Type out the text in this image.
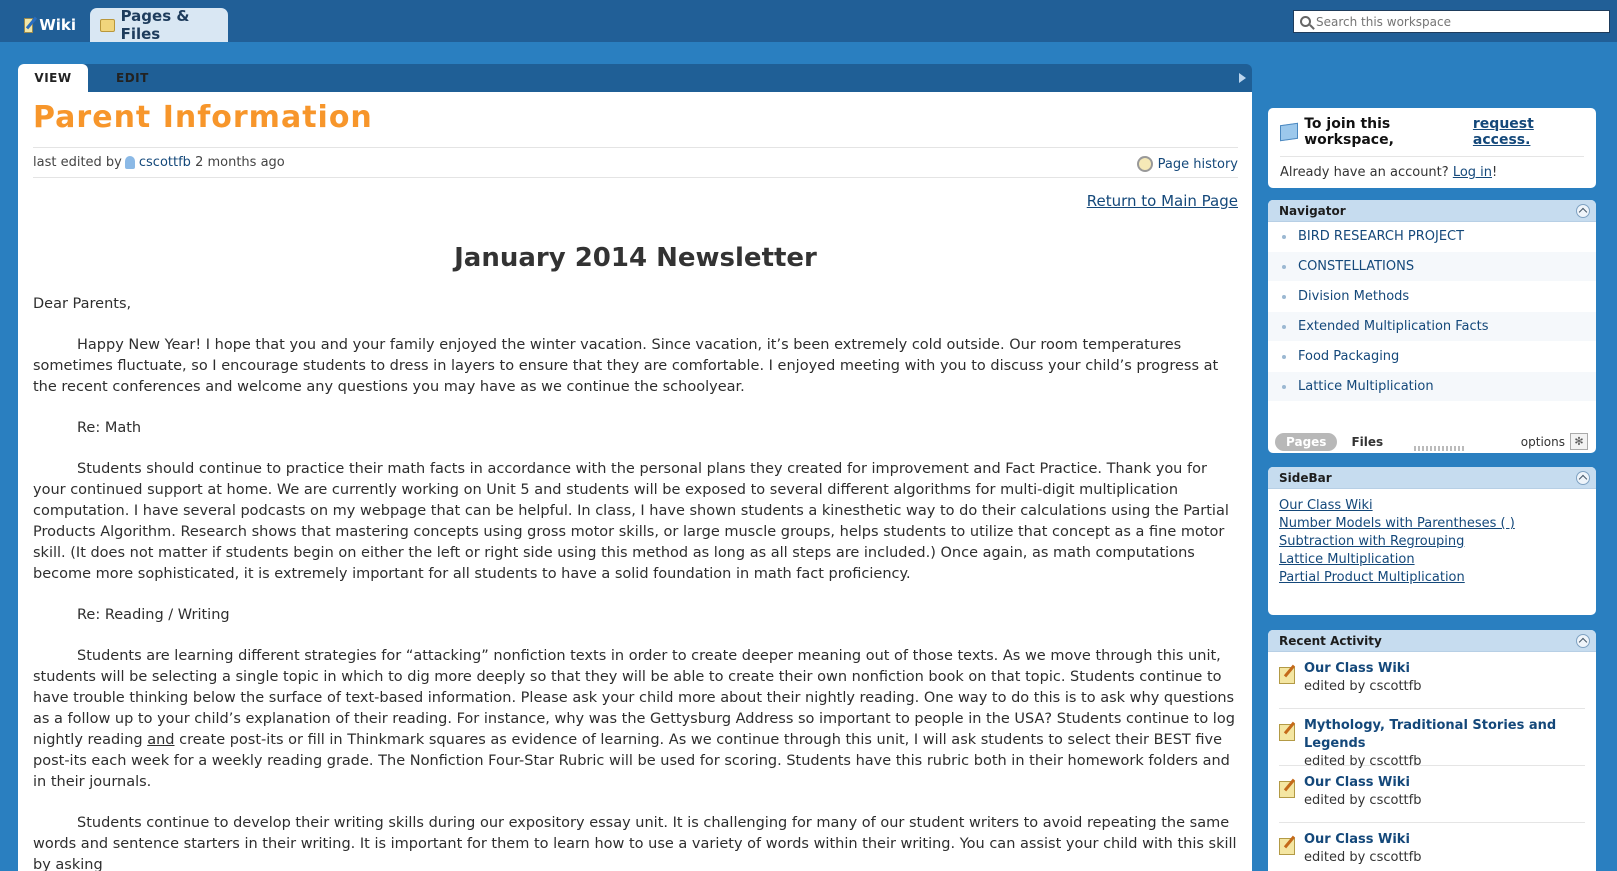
Wiki	Pages & Files
Search this workspace
VIEW	EDIT
Parent Information
last edited by cscottfb
2 months ago	Page history
Return to Main Page
January 2014 Newsletter

Dear Parents,

Happy New Year! I hope that you and your family enjoyed the winter vacation. Since vacation, it’s been extremely cold outside. Our room temperatures sometimes fluctuate, so I encourage students to dress in layers to ensure that they are comfortable. I enjoyed meeting with you to discuss your child’s progress at the recent conferences and welcome any questions you may have as we continue the schoolyear.

Re: Math

Students should continue to practice their math facts in accordance with the personal plans they created for improvement and Fact Practice. Thank you for your continued support at home. We are currently working on Unit 5 and students will be exposed to several different algorithms for multi-digit multiplication computation. I have several podcasts on my webpage that can be helpful. In class, I have shown students a kinesthetic way to do their calculations using the Partial Products Algorithm. Research shows that mastering concepts using gross motor skills, or large muscle groups, helps students to utilize that concept as a fine motor skill. (It does not matter if students begin on either the left or right side using this method as long as all steps are included.) Once again, as math computations become more sophisticated, it is extremely important for all students to have a solid foundation in math fact proficiency.

Re: Reading / Writing

Students are learning different strategies for “attacking” nonfiction texts in order to create deeper meaning out of those texts. As we move through this unit, students will be selecting a single topic in which to dig more deeply so that they will be able to create their own nonfiction book on that topic. Students continue to have trouble thinking below the surface of text-based information. Please ask your child more about their nightly reading. One way to do this is to ask why questions as a follow up to your child’s explanation of their reading. For instance, why was the Gettysburg Address so important to people in the USA? Students continue to log nightly reading and create post-its or fill in Thinkmark squares as evidence of learning. As we continue through this unit, I will ask students to select their BEST five post-its each week for a weekly reading grade. The Nonfiction Four-Star Rubric will be used for scoring. Students have this rubric both in their homework folders and in their journals.

Students continue to develop their writing skills during our expository essay unit. It is challenging for many of our student writers to avoid repeating the same words and sentence starters in their writing. It is important for them to learn how to use a variety of words within their writing. You can assist your child with this skill by asking

To join this workspace,
request access.
Already have an account? Log in!
Navigator
BIRD RESEARCH PROJECT
CONSTELLATIONS
Division Methods
Extended Multiplication Facts
Food Packaging
Lattice Multiplication
Pages	Files	options ✻
SideBar
Our Class Wiki
Number Models with Parentheses ( )
Subtraction with Regrouping
Lattice Multiplication
Partial Product Multiplication
Recent Activity
Our Class Wiki
edited by cscottfb
Mythology, Traditional Stories and Legends
edited by cscottfb
Our Class Wiki
edited by cscottfb
Our Class Wiki
edited by cscottfb
